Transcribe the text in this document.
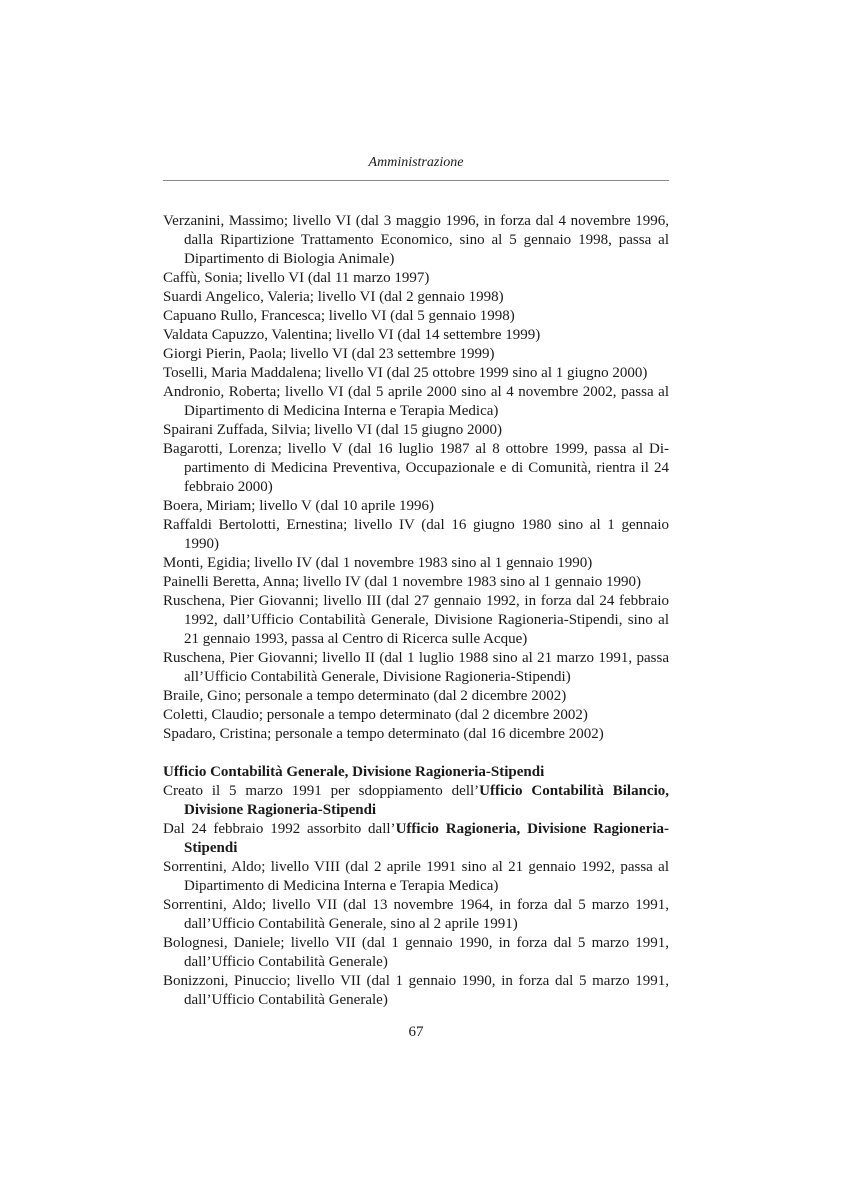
Amministrazione

Verzanini, Massimo; livello VI (dal 3 maggio 1996, in forza dal 4 novembre 1996, dalla Ripartizione Trattamento Economico, sino al 5 gennaio 1998, passa al Dipartimento di Biologia Animale)

Caffù, Sonia; livello VI (dal 11 marzo 1997)

Suardi Angelico, Valeria; livello VI (dal 2 gennaio 1998)

Capuano Rullo, Francesca; livello VI (dal 5 gennaio 1998)

Valdata Capuzzo, Valentina; livello VI (dal 14 settembre 1999)

Giorgi Pierin, Paola; livello VI (dal 23 settembre 1999)

Toselli, Maria Maddalena; livello VI (dal 25 ottobre 1999 sino al 1 giugno 2000)

Andronio, Roberta; livello VI (dal 5 aprile 2000 sino al 4 novembre 2002, passa al Dipartimento di Medicina Interna e Terapia Medica)

Spairani Zuffada, Silvia; livello VI (dal 15 giugno 2000)

Bagarotti, Lorenza; livello V (dal 16 luglio 1987 al 8 ottobre 1999, passa al Dipartimento di Medicina Preventiva, Occupazionale e di Comunità, rientra il 24 febbraio 2000)

Boera, Miriam; livello V (dal 10 aprile 1996)

Raffaldi Bertolotti, Ernestina; livello IV (dal 16 giugno 1980 sino al 1 gennaio 1990)

Monti, Egidia; livello IV (dal 1 novembre 1983 sino al 1 gennaio 1990)

Painelli Beretta, Anna; livello IV (dal 1 novembre 1983 sino al 1 gennaio 1990)

Ruschena, Pier Giovanni; livello III (dal 27 gennaio 1992, in forza dal 24 febbraio 1992, dall’Ufficio Contabilità Generale, Divisione Ragioneria-Stipendi, sino al 21 gennaio 1993, passa al Centro di Ricerca sulle Acque)

Ruschena, Pier Giovanni; livello II (dal 1 luglio 1988 sino al 21 marzo 1991, passa all’Ufficio Contabilità Generale, Divisione Ragioneria-Stipendi)

Braile, Gino; personale a tempo determinato (dal 2 dicembre 2002)

Coletti, Claudio; personale a tempo determinato (dal 2 dicembre 2002)

Spadaro, Cristina; personale a tempo determinato (dal 16 dicembre 2002)

Ufficio Contabilità Generale, Divisione Ragioneria-Stipendi

Creato il 5 marzo 1991 per sdoppiamento dell’Ufficio Contabilità Bilancio, Divisione Ragioneria-Stipendi

Dal 24 febbraio 1992 assorbito dall’Ufficio Ragioneria, Divisione Ragioneria-Stipendi

Sorrentini, Aldo; livello VIII (dal 2 aprile 1991 sino al 21 gennaio 1992, passa al Dipartimento di Medicina Interna e Terapia Medica)

Sorrentini, Aldo; livello VII (dal 13 novembre 1964, in forza dal 5 marzo 1991, dall’Ufficio Contabilità Generale, sino al 2 aprile 1991)

Bolognesi, Daniele; livello VII (dal 1 gennaio 1990, in forza dal 5 marzo 1991, dall’Ufficio Contabilità Generale)

Bonizzoni, Pinuccio; livello VII (dal 1 gennaio 1990, in forza dal 5 marzo 1991, dall’Ufficio Contabilità Generale)

67
